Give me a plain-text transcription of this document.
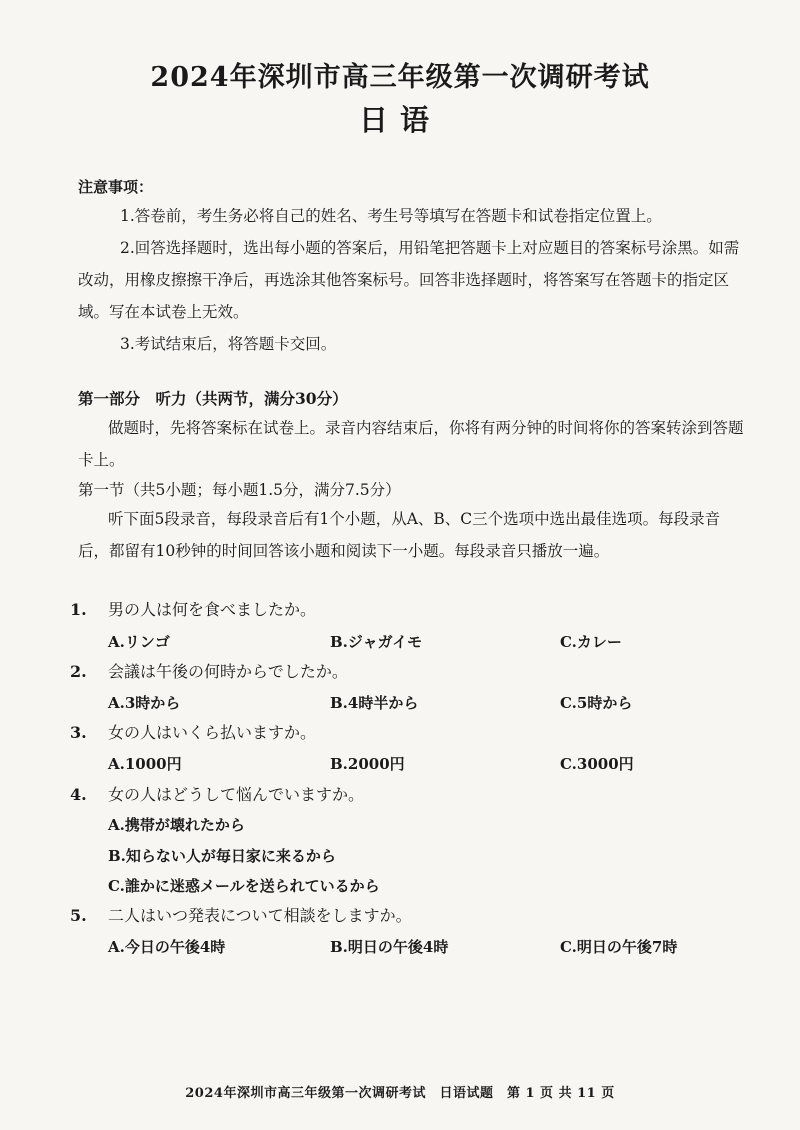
2024年深圳市高三年级第一次调研考试
日语
注意事项：
1.答卷前，考生务必将自己的姓名、考生号等填写在答题卡和试卷指定位置上。
2.回答选择题时，选出每小题的答案后，用铅笔把答题卡上对应题目的答案标号涂黑。如需改动，用橡皮擦擦干净后，再选涂其他答案标号。回答非选择题时，将答案写在答题卡的指定区域。写在本试卷上无效。
3.考试结束后，将答题卡交回。
第一部分　听力（共两节，满分30分）
做题时，先将答案标在试卷上。录音内容结束后，你将有两分钟的时间将你的答案转涂到答题卡上。
第一节（共5小题；每小题1.5分，满分7.5分）
听下面5段录音，每段录音后有1个小题，从A、B、C三个选项中选出最佳选项。每段录音后，都留有10秒钟的时间回答该小题和阅读下一小题。每段录音只播放一遍。
1. 男の人は何を食べましたか。
A.リンゴ	B.ジャガイモ	C.カレー
2. 会議は午後の何時からでしたか。
A.3時から	B.4時半から	C.5時から
3. 女の人はいくら払いますか。
A.1000円	B.2000円	C.3000円
4. 女の人はどうして悩んでいますか。
A.携帯が壊れたから
B.知らない人が毎日家に来るから
C.誰かに迷惑メールを送られているから
5. 二人はいつ発表について相談をしますか。
A.今日の午後4時	B.明日の午後4時	C.明日の午後7時
2024年深圳市高三年级第一次调研考试　日语试题　第 1 页 共 11 页
